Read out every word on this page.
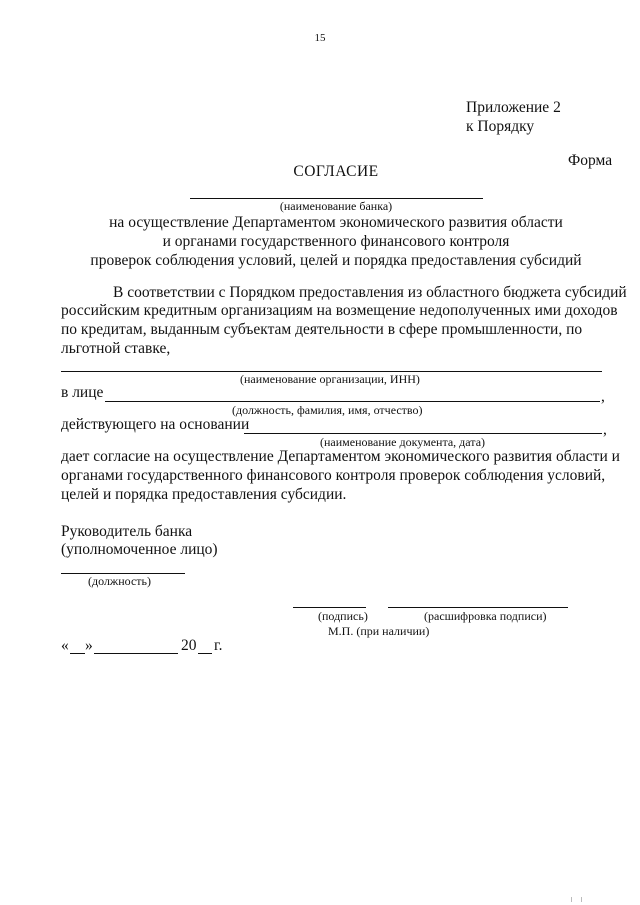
15
Приложение 2
к Порядку
Форма
СОГЛАСИЕ
(наименование банка)
на осуществление Департаментом экономического развития области
и органами государственного финансового контроля
проверок соблюдения условий, целей и порядка предоставления субсидий
В соответствии с Порядком предоставления из областного бюджета субсидий
российским кредитным организациям на возмещение недополученных ими доходов
по кредитам, выданным субъектам деятельности в сфере промышленности, по
льготной ставке,
(наименование организации, ИНН)
в лице	,
(должность, фамилия, имя, отчество)
действующего на основании	,
(наименование документа, дата)
дает согласие на осуществление Департаментом экономического развития области и
органами государственного финансового контроля проверок соблюдения условий,
целей и порядка предоставления субсидии.
Руководитель банка
(уполномоченное лицо)
(должность)
(подпись)	(расшифровка подписи)
М.П. (при наличии)
« »	20 г.
